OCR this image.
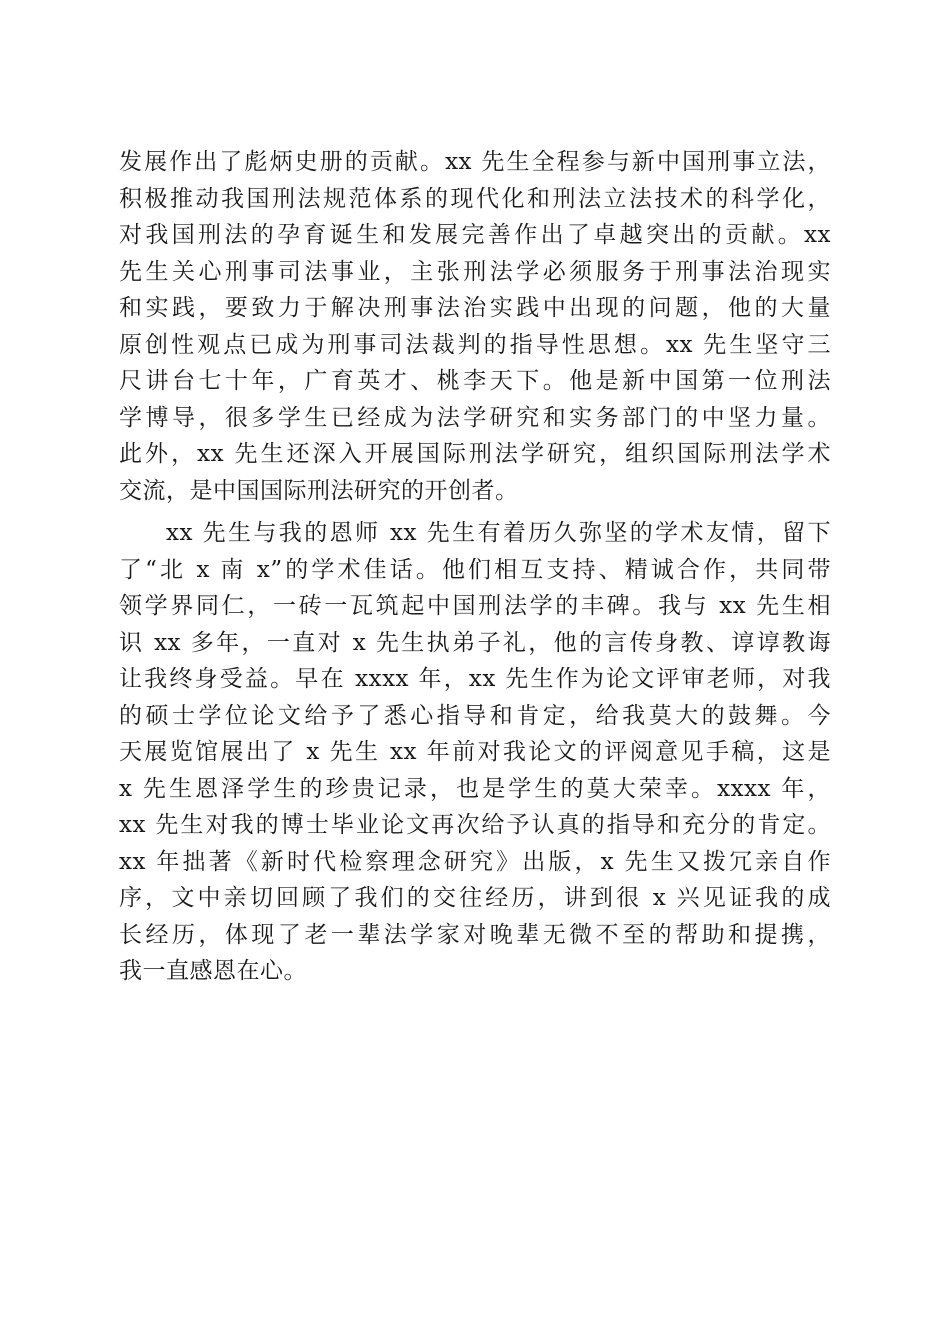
发展作出了彪炳史册的贡献。xx 先生全程参与新中国刑事立法，
积极推动我国刑法规范体系的现代化和刑法立法技术的科学化，
对我国刑法的孕育诞生和发展完善作出了卓越突出的贡献。xx
先生关心刑事司法事业，主张刑法学必须服务于刑事法治现实
和实践，要致力于解决刑事法治实践中出现的问题，他的大量
原创性观点已成为刑事司法裁判的指导性思想。xx 先生坚守三
尺讲台七十年，广育英才、桃李天下。他是新中国第一位刑法
学博导，很多学生已经成为法学研究和实务部门的中坚力量。
此外，xx 先生还深入开展国际刑法学研究，组织国际刑法学术
交流，是中国国际刑法研究的开创者。
xx 先生与我的恩师 xx 先生有着历久弥坚的学术友情，留下
了“北 x 南 x”的学术佳话。他们相互支持、精诚合作，共同带
领学界同仁，一砖一瓦筑起中国刑法学的丰碑。我与 xx 先生相
识 xx 多年，一直对 x 先生执弟子礼，他的言传身教、谆谆教诲
让我终身受益。早在 xxxx 年，xx 先生作为论文评审老师，对我
的硕士学位论文给予了悉心指导和肯定，给我莫大的鼓舞。今
天展览馆展出了 x 先生 xx 年前对我论文的评阅意见手稿，这是
x 先生恩泽学生的珍贵记录，也是学生的莫大荣幸。xxxx 年，
xx 先生对我的博士毕业论文再次给予认真的指导和充分的肯定。
xx 年拙著《新时代检察理念研究》出版，x 先生又拨冗亲自作
序，文中亲切回顾了我们的交往经历，讲到很 x 兴见证我的成
长经历，体现了老一辈法学家对晚辈无微不至的帮助和提携，
我一直感恩在心。
